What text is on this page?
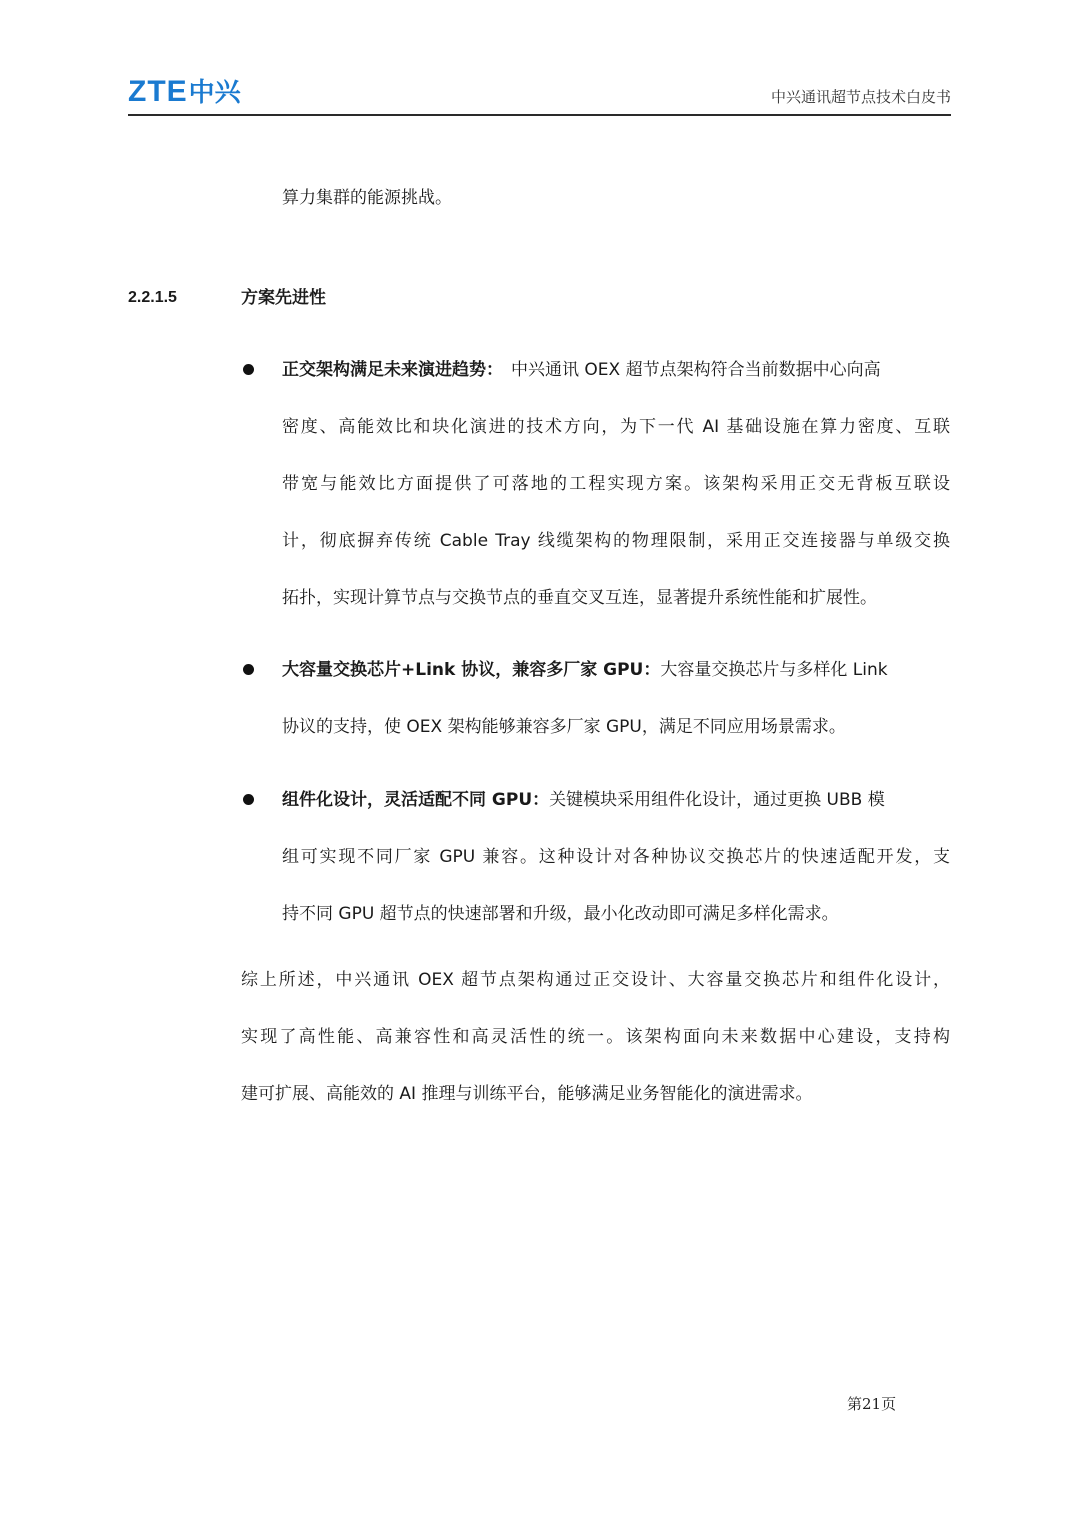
ZTE 中兴	中兴通讯超节点技术白皮书
算力集群的能源挑战。
2.2.1.5	方案先进性
正交架构满足未来演进趋势： 中兴通讯 OEX 超节点架构符合当前数据中心向高
密度、高能效比和块化演进的技术方向，为下一代 AI 基础设施在算力密度、互联
带宽与能效比方面提供了可落地的工程实现方案。该架构采用正交无背板互联设
计，彻底摒弃传统 Cable Tray 线缆架构的物理限制，采用正交连接器与单级交换
拓扑，实现计算节点与交换节点的垂直交叉互连，显著提升系统性能和扩展性。
大容量交换芯片+Link 协议，兼容多厂家 GPU：大容量交换芯片与多样化 Link
协议的支持，使 OEX 架构能够兼容多厂家 GPU，满足不同应用场景需求。
组件化设计，灵活适配不同 GPU：关键模块采用组件化设计，通过更换 UBB 模
组可实现不同厂家 GPU 兼容。这种设计对各种协议交换芯片的快速适配开发，支
持不同 GPU 超节点的快速部署和升级，最小化改动即可满足多样化需求。
综上所述，中兴通讯 OEX 超节点架构通过正交设计、大容量交换芯片和组件化设计，
实现了高性能、高兼容性和高灵活性的统一。该架构面向未来数据中心建设，支持构
建可扩展、高能效的 AI 推理与训练平台，能够满足业务智能化的演进需求。
第21页
